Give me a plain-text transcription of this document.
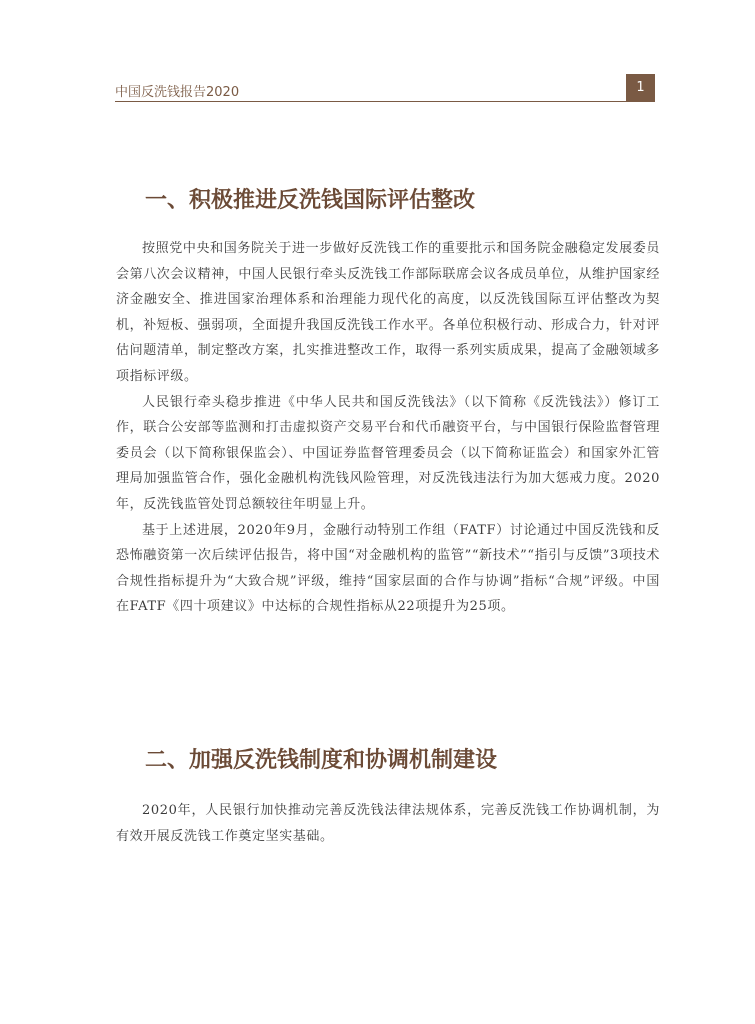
中国反洗钱报告2020	1
一、积极推进反洗钱国际评估整改

按照党中央和国务院关于进一步做好反洗钱工作的重要批示和国务院金融稳定发展委员会第八次会议精神，中国人民银行牵头反洗钱工作部际联席会议各成员单位，从维护国家经济金融安全、推进国家治理体系和治理能力现代化的高度，以反洗钱国际互评估整改为契机，补短板、强弱项，全面提升我国反洗钱工作水平。各单位积极行动、形成合力，针对评估问题清单，制定整改方案，扎实推进整改工作，取得一系列实质成果，提高了金融领域多项指标评级。

人民银行牵头稳步推进《中华人民共和国反洗钱法》（以下简称《反洗钱法》）修订工作，联合公安部等监测和打击虚拟资产交易平台和代币融资平台，与中国银行保险监督管理委员会（以下简称银保监会）、中国证券监督管理委员会（以下简称证监会）和国家外汇管理局加强监管合作，强化金融机构洗钱风险管理，对反洗钱违法行为加大惩戒力度。2020年，反洗钱监管处罚总额较往年明显上升。

基于上述进展，2020年9月，金融行动特别工作组（FATF）讨论通过中国反洗钱和反恐怖融资第一次后续评估报告，将中国“对金融机构的监管”“新技术”“指引与反馈”3项技术合规性指标提升为“大致合规”评级，维持“国家层面的合作与协调”指标“合规”评级。中国在FATF《四十项建议》中达标的合规性指标从22项提升为25项。

二、加强反洗钱制度和协调机制建设

2020年，人民银行加快推动完善反洗钱法律法规体系，完善反洗钱工作协调机制，为有效开展反洗钱工作奠定坚实基础。
